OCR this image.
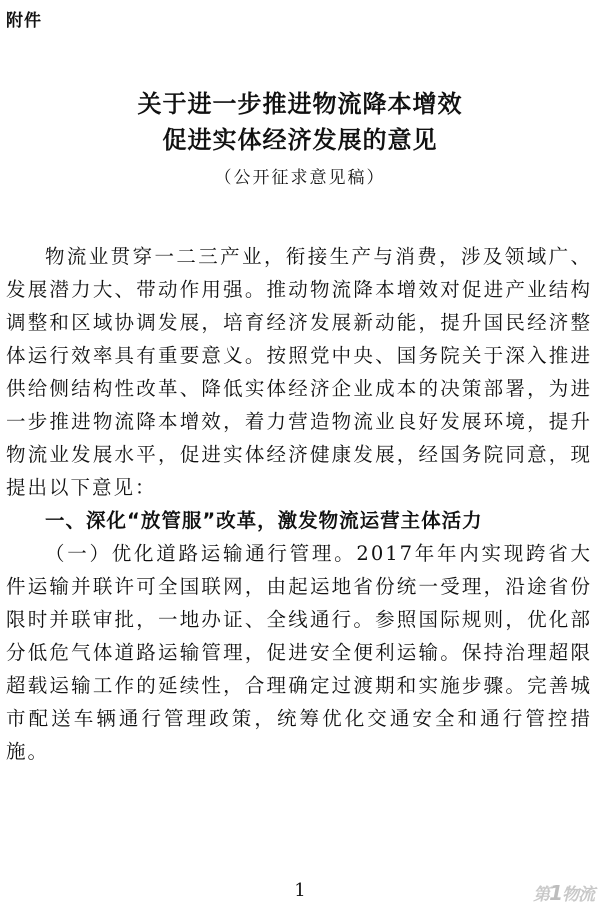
附件
关于进一步推进物流降本增效
促进实体经济发展的意见
（公开征求意见稿）

物流业贯穿一二三产业，衔接生产与消费，涉及领域广、发展潜力大、带动作用强。推动物流降本增效对促进产业结构调整和区域协调发展，培育经济发展新动能，提升国民经济整体运行效率具有重要意义。按照党中央、国务院关于深入推进供给侧结构性改革、降低实体经济企业成本的决策部署，为进一步推进物流降本增效，着力营造物流业良好发展环境，提升物流业发展水平，促进实体经济健康发展，经国务院同意，现提出以下意见：

一、深化“放管服”改革，激发物流运营主体活力

（一）优化道路运输通行管理。2017年年内实现跨省大件运输并联许可全国联网，由起运地省份统一受理，沿途省份限时并联审批，一地办证、全线通行。参照国际规则，优化部分低危气体道路运输管理，促进安全便利运输。保持治理超限超载运输工作的延续性，合理确定过渡期和实施步骤。完善城市配送车辆通行管理政策，统筹优化交通安全和通行管控措施。

1	第1物流
